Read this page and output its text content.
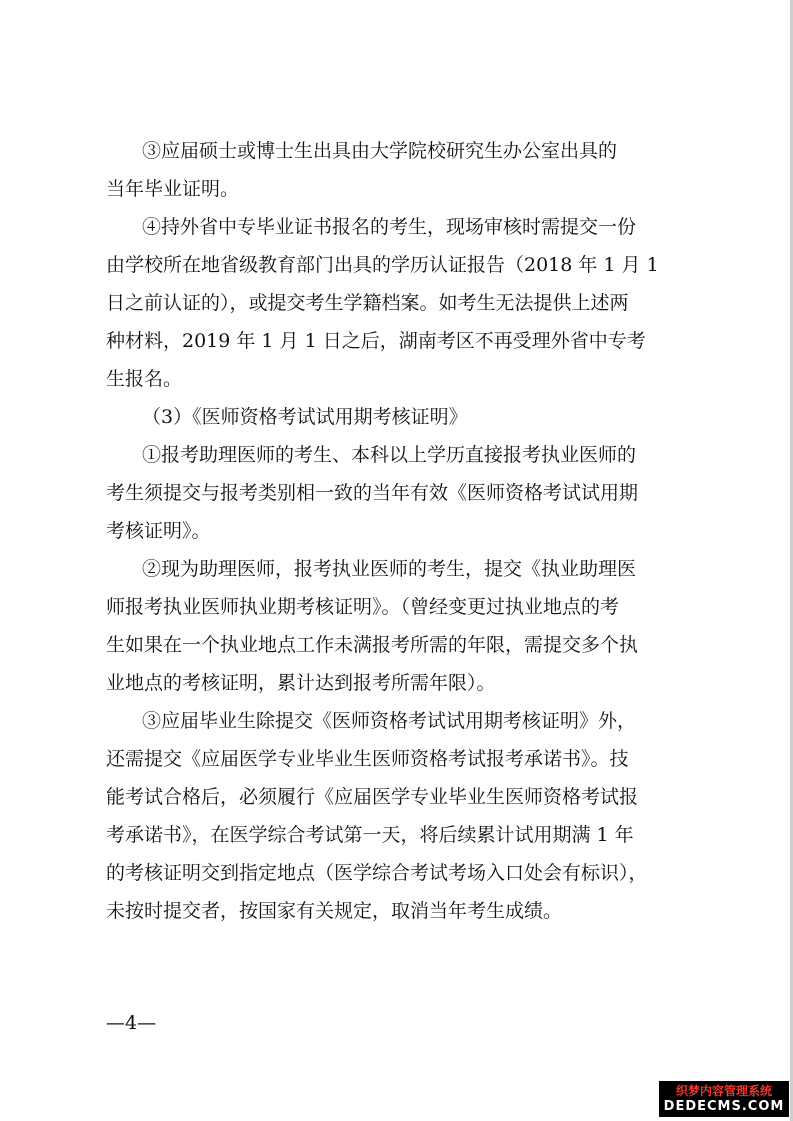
③应届硕士或博士生出具由大学院校研究生办公室出具的
当年毕业证明。
④持外省中专毕业证书报名的考生，现场审核时需提交一份
由学校所在地省级教育部门出具的学历认证报告（2018 年 1 月 1
日之前认证的），或提交考生学籍档案。如考生无法提供上述两
种材料，2019 年 1 月 1 日之后，湖南考区不再受理外省中专考
生报名。
（3）《医师资格考试试用期考核证明》
①报考助理医师的考生、本科以上学历直接报考执业医师的
考生须提交与报考类别相一致的当年有效《医师资格考试试用期
考核证明》。
②现为助理医师，报考执业医师的考生，提交《执业助理医
师报考执业医师执业期考核证明》。（曾经变更过执业地点的考
生如果在一个执业地点工作未满报考所需的年限，需提交多个执
业地点的考核证明，累计达到报考所需年限）。
③应届毕业生除提交《医师资格考试试用期考核证明》外，
还需提交《应届医学专业毕业生医师资格考试报考承诺书》。技
能考试合格后，必须履行《应届医学专业毕业生医师资格考试报
考承诺书》，在医学综合考试第一天，将后续累计试用期满 1 年
的考核证明交到指定地点（医学综合考试考场入口处会有标识），
未按时提交者，按国家有关规定，取消当年考生成绩。
—4—
织梦内容管理系统
DEDECMS.COM
